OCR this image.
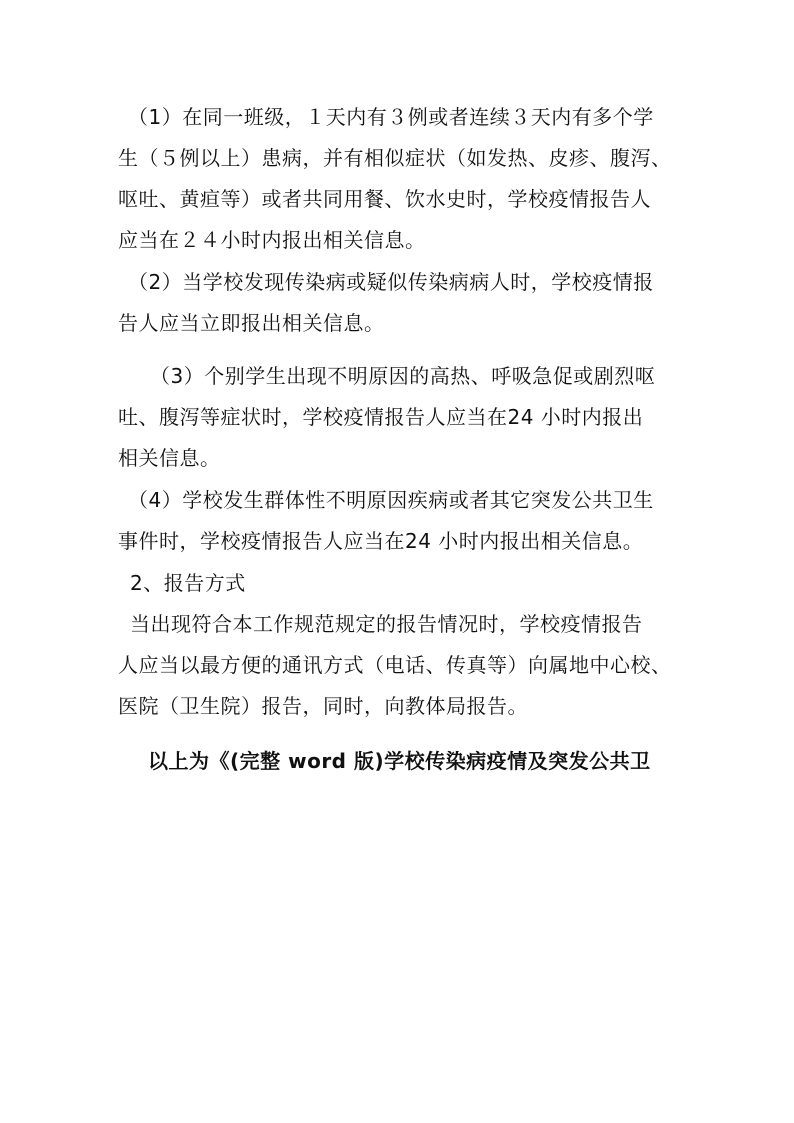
（1）在同一班级，１天内有３例或者连续３天内有多个学
生（５例以上）患病，并有相似症状（如发热、皮疹、腹泻、
呕吐、黄疸等）或者共同用餐、饮水史时，学校疫情报告人
应当在２４小时内报出相关信息。
（2）当学校发现传染病或疑似传染病病人时，学校疫情报
告人应当立即报出相关信息。
（3）个别学生出现不明原因的高热、呼吸急促或剧烈呕
吐、腹泻等症状时，学校疫情报告人应当在24 小时内报出
相关信息。
（4）学校发生群体性不明原因疾病或者其它突发公共卫生
事件时，学校疫情报告人应当在24 小时内报出相关信息。
2、报告方式
当出现符合本工作规范规定的报告情况时，学校疫情报告
人应当以最方便的通讯方式（电话、传真等）向属地中心校、
医院（卫生院）报告，同时，向教体局报告。
以上为《(完整 word 版)学校传染病疫情及突发公共卫
